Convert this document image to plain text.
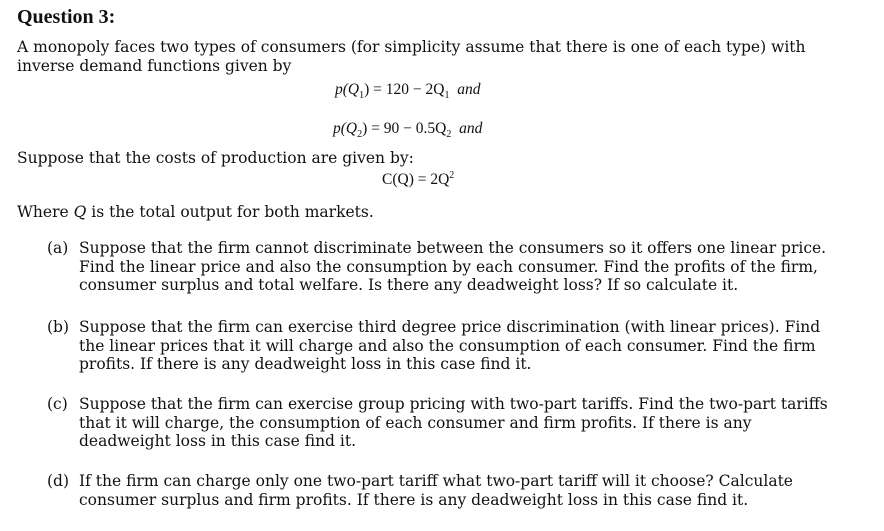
Question 3:
A monopoly faces two types of consumers (for simplicity assume that there is one of each type) with inverse demand functions given by
$p(Q_1) = 120 - 2Q_1$ and
$p(Q_2) = 90 - 0.5Q_2$ and
Suppose that the costs of production are given by:
$C(Q) = 2Q^2$
Where Q is the total output for both markets.
(a) Suppose that the firm cannot discriminate between the consumers so it offers one linear price. Find the linear price and also the consumption by each consumer. Find the profits of the firm, consumer surplus and total welfare. Is there any deadweight loss? If so calculate it.
(b) Suppose that the firm can exercise third degree price discrimination (with linear prices). Find the linear prices that it will charge and also the consumption of each consumer. Find the firm profits. If there is any deadweight loss in this case find it.
(c) Suppose that the firm can exercise group pricing with two-part tariffs. Find the two-part tariffs that it will charge, the consumption of each consumer and firm profits. If there is any deadweight loss in this case find it.
(d) If the firm can charge only one two-part tariff what two-part tariff will it choose? Calculate consumer surplus and firm profits. If there is any deadweight loss in this case find it.
